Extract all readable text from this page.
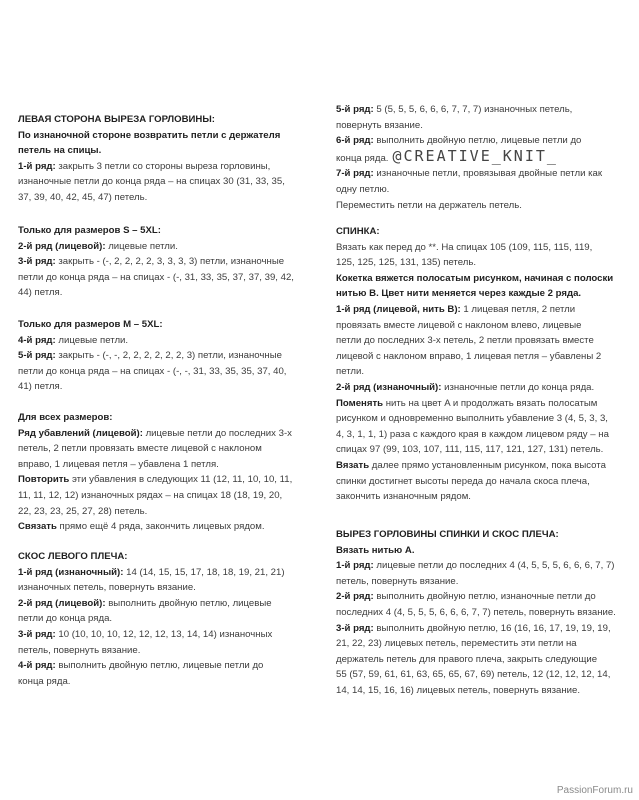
ЛЕВАЯ СТОРОНА ВЫРЕЗА ГОРЛОВИНЫ:
По изнаночной стороне возвратить петли с держателя
петель на спицы.
1-й ряд: закрыть 3 петли со стороны выреза горловины,
изнаночные петли до конца ряда – на спицах 30 (31, 33, 35,
37, 39, 40, 42, 45, 47) петель.
Только для размеров S – 5XL:
2-й ряд (лицевой): лицевые петли.
3-й ряд: закрыть - (-, 2, 2, 2, 2, 3, 3, 3, 3) петли, изнаночные
петли до конца ряда – на спицах - (-, 31, 33, 35, 37, 37, 39, 42,
44) петля.
Только для размеров M – 5XL:
4-й ряд: лицевые петли.
5-й ряд: закрыть - (-, -, 2, 2, 2, 2, 2, 2, 3) петли, изнаночные
петли до конца ряда – на спицах - (-, -, 31, 33, 35, 35, 37, 40,
41) петля.
Для всех размеров:
Ряд убавлений (лицевой): лицевые петли до последних 3-х
петель, 2 петли провязать вместе лицевой с наклоном
вправо, 1 лицевая петля – убавлена 1 петля.
Повторить эти убавления в следующих 11 (12, 11, 10, 10, 11,
11, 11, 12, 12) изнаночных рядах – на спицах 18 (18, 19, 20,
22, 23, 23, 25, 27, 28) петель.
Связать прямо ещё 4 ряда, закончить лицевых рядом.
СКОС ЛЕВОГО ПЛЕЧА:
1-й ряд (изнаночный): 14 (14, 15, 15, 17, 18, 18, 19, 21, 21)
изнаночных петель, повернуть вязание.
2-й ряд (лицевой): выполнить двойную петлю, лицевые
петли до конца ряда.
3-й ряд: 10 (10, 10, 10, 12, 12, 12, 13, 14, 14) изнаночных
петель, повернуть вязание.
4-й ряд: выполнить двойную петлю, лицевые петли до
конца ряда.
5-й ряд: 5 (5, 5, 5, 6, 6, 6, 7, 7, 7) изнаночных петель,
повернуть вязание.
6-й ряд: выполнить двойную петлю, лицевые петли до
конца ряда. @CREATIVE_KNIT_
7-й ряд: изнаночные петли, провязывая двойные петли как
одну петлю.
Переместить петли на держатель петель.
СПИНКА:
Вязать как перед до **. На спицах 105 (109, 115, 115, 119,
125, 125, 125, 131, 135) петель.
Кокетка вяжется полосатым рисунком, начиная с полоски
нитью B. Цвет нити меняется через каждые 2 ряда.
1-й ряд (лицевой, нить B): 1 лицевая петля, 2 петли
провязать вместе лицевой с наклоном влево, лицевые
петли до последних 3-х петель, 2 петли провязать вместе
лицевой с наклоном вправо, 1 лицевая петля – убавлены 2
петли.
2-й ряд (изнаночный): изнаночные петли до конца ряда.
Поменять нить на цвет A и продолжать вязать полосатым
рисунком и одновременно выполнить убавление 3 (4, 5, 3, 3,
4, 3, 1, 1, 1) раза с каждого края в каждом лицевом ряду – на
спицах 97 (99, 103, 107, 111, 115, 117, 121, 127, 131) петель.
Вязать далее прямо установленным рисунком, пока высота
спинки достигнет высоты переда до начала скоса плеча,
закончить изнаночным рядом.
ВЫРЕЗ ГОРЛОВИНЫ СПИНКИ И СКОС ПЛЕЧА:
Вязать нитью A.
1-й ряд: лицевые петли до последних 4 (4, 5, 5, 5, 6, 6, 6, 7, 7)
петель, повернуть вязание.
2-й ряд: выполнить двойную петлю, изнаночные петли до
последних 4 (4, 5, 5, 5, 6, 6, 6, 7, 7) петель, повернуть вязание.
3-й ряд: выполнить двойную петлю, 16 (16, 16, 17, 19, 19, 19,
21, 22, 23) лицевых петель, переместить эти петли на
держатель петель для правого плеча, закрыть следующие
55 (57, 59, 61, 61, 63, 65, 65, 67, 69) петель, 12 (12, 12, 12, 14,
14, 14, 15, 16, 16) лицевых петель, повернуть вязание.
PassionForum.ru
